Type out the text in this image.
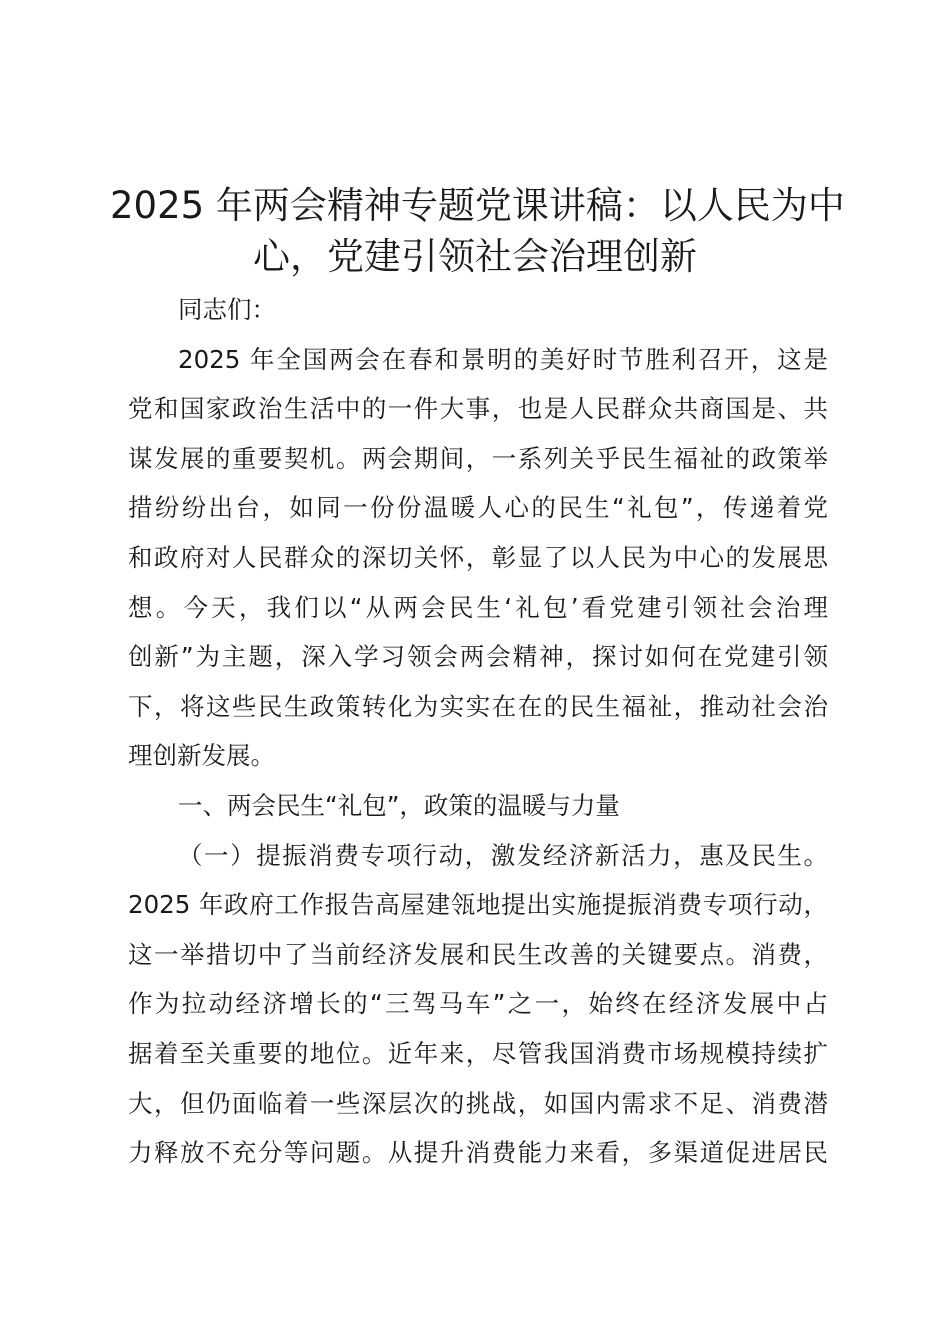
2025 年两会精神专题党课讲稿：以人民为中
心，党建引领社会治理创新

同志们：

2025 年全国两会在春和景明的美好时节胜利召开，这是
党和国家政治生活中的一件大事，也是人民群众共商国是、共
谋发展的重要契机。两会期间，一系列关乎民生福祉的政策举
措纷纷出台，如同一份份温暖人心的民生“礼包”，传递着党
和政府对人民群众的深切关怀，彰显了以人民为中心的发展思
想。今天，我们以“从两会民生‘礼包’看党建引领社会治理
创新”为主题，深入学习领会两会精神，探讨如何在党建引领
下，将这些民生政策转化为实实在在的民生福祉，推动社会治
理创新发展。

一、两会民生“礼包”，政策的温暖与力量

（一）提振消费专项行动，激发经济新活力，惠及民生。
2025 年政府工作报告高屋建瓴地提出实施提振消费专项行动，
这一举措切中了当前经济发展和民生改善的关键要点。消费，
作为拉动经济增长的“三驾马车”之一，始终在经济发展中占
据着至关重要的地位。近年来，尽管我国消费市场规模持续扩
大，但仍面临着一些深层次的挑战，如国内需求不足、消费潜
力释放不充分等问题。从提升消费能力来看，多渠道促进居民
